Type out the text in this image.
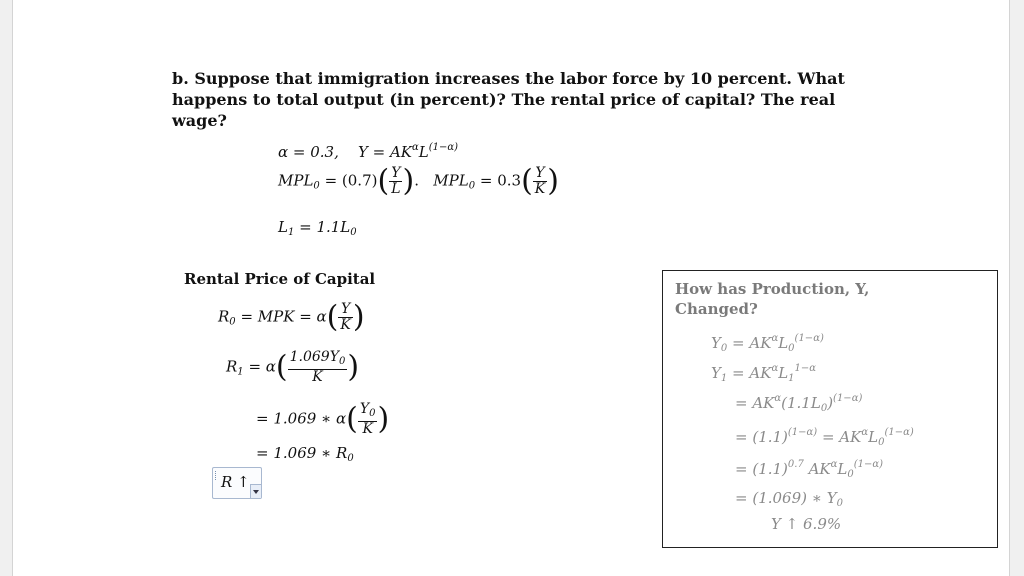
b. Suppose that immigration increases the labor force by 10 percent. What happens to total output (in percent)? The rental price of capital? The real wage?
α = 0.3, $Y = AK^\alpha L^{(1-\alpha)}$
$MPL_0 = (0.7)( \frac{Y}{L}$ ). $MPL_0 = 0.3( \frac{Y}{K}$ )
$L_1 = 1.1L_0$
Rental Price of Capital
$R_0$ = MPK = $\alpha( \frac{Y}{K}$ )
$R_1 = \alpha( \frac{1.069Y_0}{K}$ )
= 1.069 ∗ $\alpha( \frac{Y_0}{K}$ )
= 1.069 ∗ $R_0$
R ↑
How has Production, Y, Changed?
$Y_0 = AK^\alpha L_0^{(1-\alpha)}$
$Y_1 = AK^\alpha L_1^{1-\alpha}$
= $AK^\alpha(1.1L_0)^{(1-\alpha)}$
= $(1.1)^{(1-\alpha)} = AK^\alpha L_0^{(1-\alpha)}$
= $(1.1)^{0.7}$ $AK^\alpha L_0^{(1-\alpha)}$
= (1.069) ∗ $Y_0$
Y ↑ 6.9%
